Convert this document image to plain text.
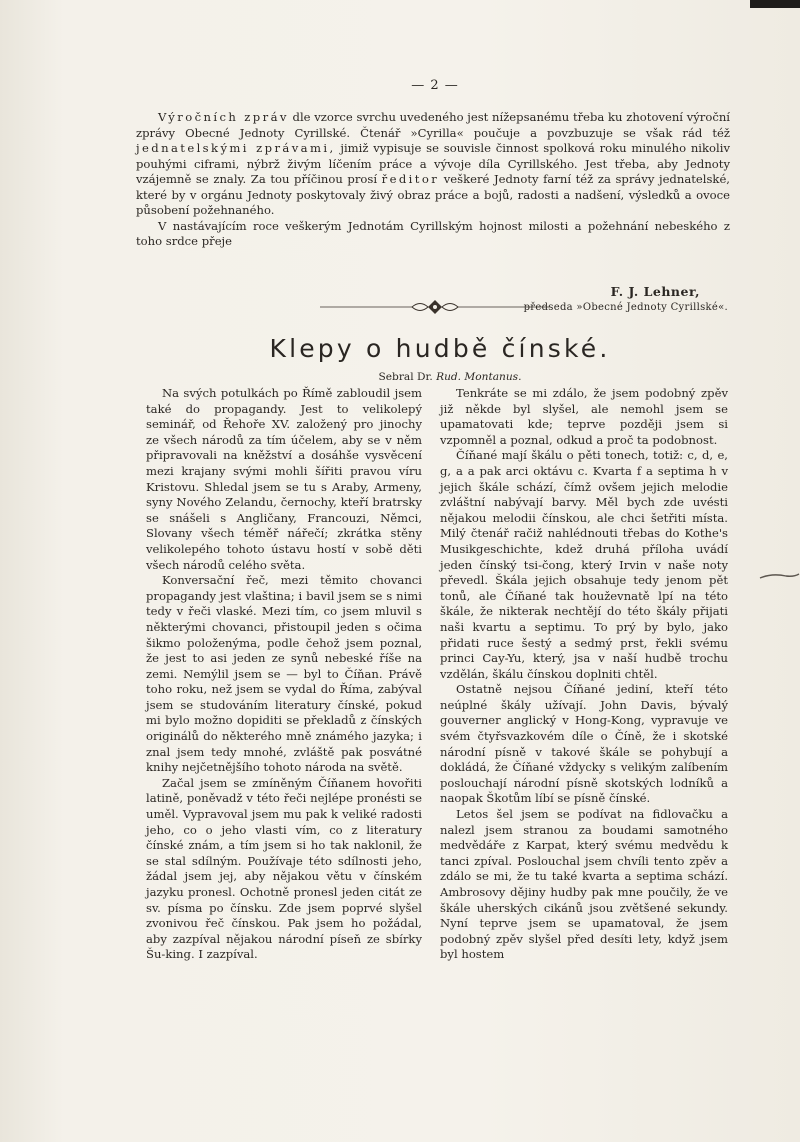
— 2 —

Výročních zpráv dle vzorce svrchu uvedeného jest nížepsanému třeba ku zhotovení výroční zprávy Obecné Jednoty Cyrillské. Čtenář »Cyrilla« poučuje a povzbuzuje se však rád též jednatelskými zprávami, jimiž vypisuje se souvisle činnost spolková roku minulého nikoliv pouhými ciframi, nýbrž živým líčením práce a vývoje díla Cyrillského. Jest třeba, aby Jednoty vzájemně se znaly. Za tou příčinou prosí ředitor veškeré Jednoty farní též za správy jednatelské, které by v orgánu Jednoty poskytovaly živý obraz práce a bojů, radosti a nadšení, výsledků a ovoce působení požehnaného.

V nastávajícím roce veškerým Jednotám Cyrillským hojnost milosti a požehnání nebeského z toho srdce přeje

F. J. Lehner,
předseda »Obecné Jednoty Cyrillské«.
Klepy o hudbě čínské.
Sebral Dr. Rud. Montanus.

Na svých potulkách po Římě zabloudil jsem také do propagandy. Jest to velikolepý seminář, od Řehoře XV. založený pro jinochy ze všech národů za tím účelem, aby se v něm připravovali na kněžství a dosáhše vysvěcení mezi krajany svými mohli šířiti pravou víru Kristovu. Shledal jsem se tu s Araby, Armeny, syny Nového Zelandu, černochy, kteří bratrsky se snášeli s Angličany, Francouzi, Němci, Slovany všech téměř nářečí; zkrátka stěny velikolepého tohoto ústavu hostí v sobě děti všech národů celého světa.

Konversační řeč, mezi těmito chovanci propagandy jest vlaština; i bavil jsem se s nimi tedy v řeči vlaské. Mezi tím, co jsem mluvil s některými chovanci, přistoupil jeden s očima šikmo položenýma, podle čehož jsem poznal, že jest to asi jeden ze synů nebeské říše na zemi. Nemýlil jsem se — byl to Číňan. Právě toho roku, než jsem se vydal do Říma, zabýval jsem se studováním literatury čínské, pokud mi bylo možno dopiditi se překladů z čínských originálů do některého mně známého jazyka; i znal jsem tedy mnohé, zvláště pak posvátné knihy nejčetnějšího tohoto národa na světě.

Začal jsem se zmíněným Číňanem hovořiti latině, poněvadž v této řeči nejlépe pronésti se uměl. Vypravoval jsem mu pak k veliké radosti jeho, co o jeho vlasti vím, co z literatury čínské znám, a tím jsem si ho tak naklonil, že se stal sdílným. Používaje této sdílnosti jeho, žádal jsem jej, aby nějakou větu v čínském jazyku pronesl. Ochotně pronesl jeden citát ze sv. písma po čínsku. Zde jsem poprvé slyšel zvonivou řeč čínskou. Pak jsem ho požádal, aby zazpíval nějakou národní píseň ze sbírky Šu-king. I zazpíval.

Tenkráte se mi zdálo, že jsem podobný zpěv již někde byl slyšel, ale nemohl jsem se upamatovati kde; teprve později jsem si vzpomněl a poznal, odkud a proč ta podobnost.

Číňané mají škálu o pěti tonech, totiž: c, d, e, g, a a pak arci oktávu c. Kvarta f a septima h v jejich škále schází, čímž ovšem jejich melodie zvláštní nabývají barvy. Měl bych zde uvésti nějakou melodii čínskou, ale chci šetřiti místa. Milý čtenář račiž nahlédnouti třebas do Kothe's Musikgeschichte, kdež druhá příloha uvádí jeden čínský tsi-čong, který Irvin v naše noty převedl. Škála jejich obsahuje tedy jenom pět tonů, ale Číňané tak houževnatě lpí na této škále, že nikterak nechtějí do této škály přijati naši kvartu a septimu. To prý by bylo, jako přidati ruce šestý a sedmý prst, řekli svému princi Cay-Yu, který, jsa v naší hudbě trochu vzdělán, škálu čínskou doplniti chtěl.

Ostatně nejsou Číňané jediní, kteří této neúplné škály užívají. John Davis, bývalý gouverner anglický v Hong-Kong, vypravuje ve svém čtyřsvazkovém díle o Číně, že i skotské národní písně v takové škále se pohybují a dokládá, že Číňané vždycky s velikým zalíbením poslouchají národní písně skotských lodníků a naopak Škotům líbí se písně čínské.

Letos šel jsem se podívat na fidlovačku a nalezl jsem stranou za boudami samotného medvědáře z Karpat, který svému medvědu k tanci zpíval. Poslouchal jsem chvíli tento zpěv a zdálo se mi, že tu také kvarta a septima schází. Ambrosovy dějiny hudby pak mne poučily, že ve škále uherských cikánů jsou zvětšené sekundy. Nyní teprve jsem se upamatoval, že jsem podobný zpěv slyšel před desíti lety, když jsem byl hostem
